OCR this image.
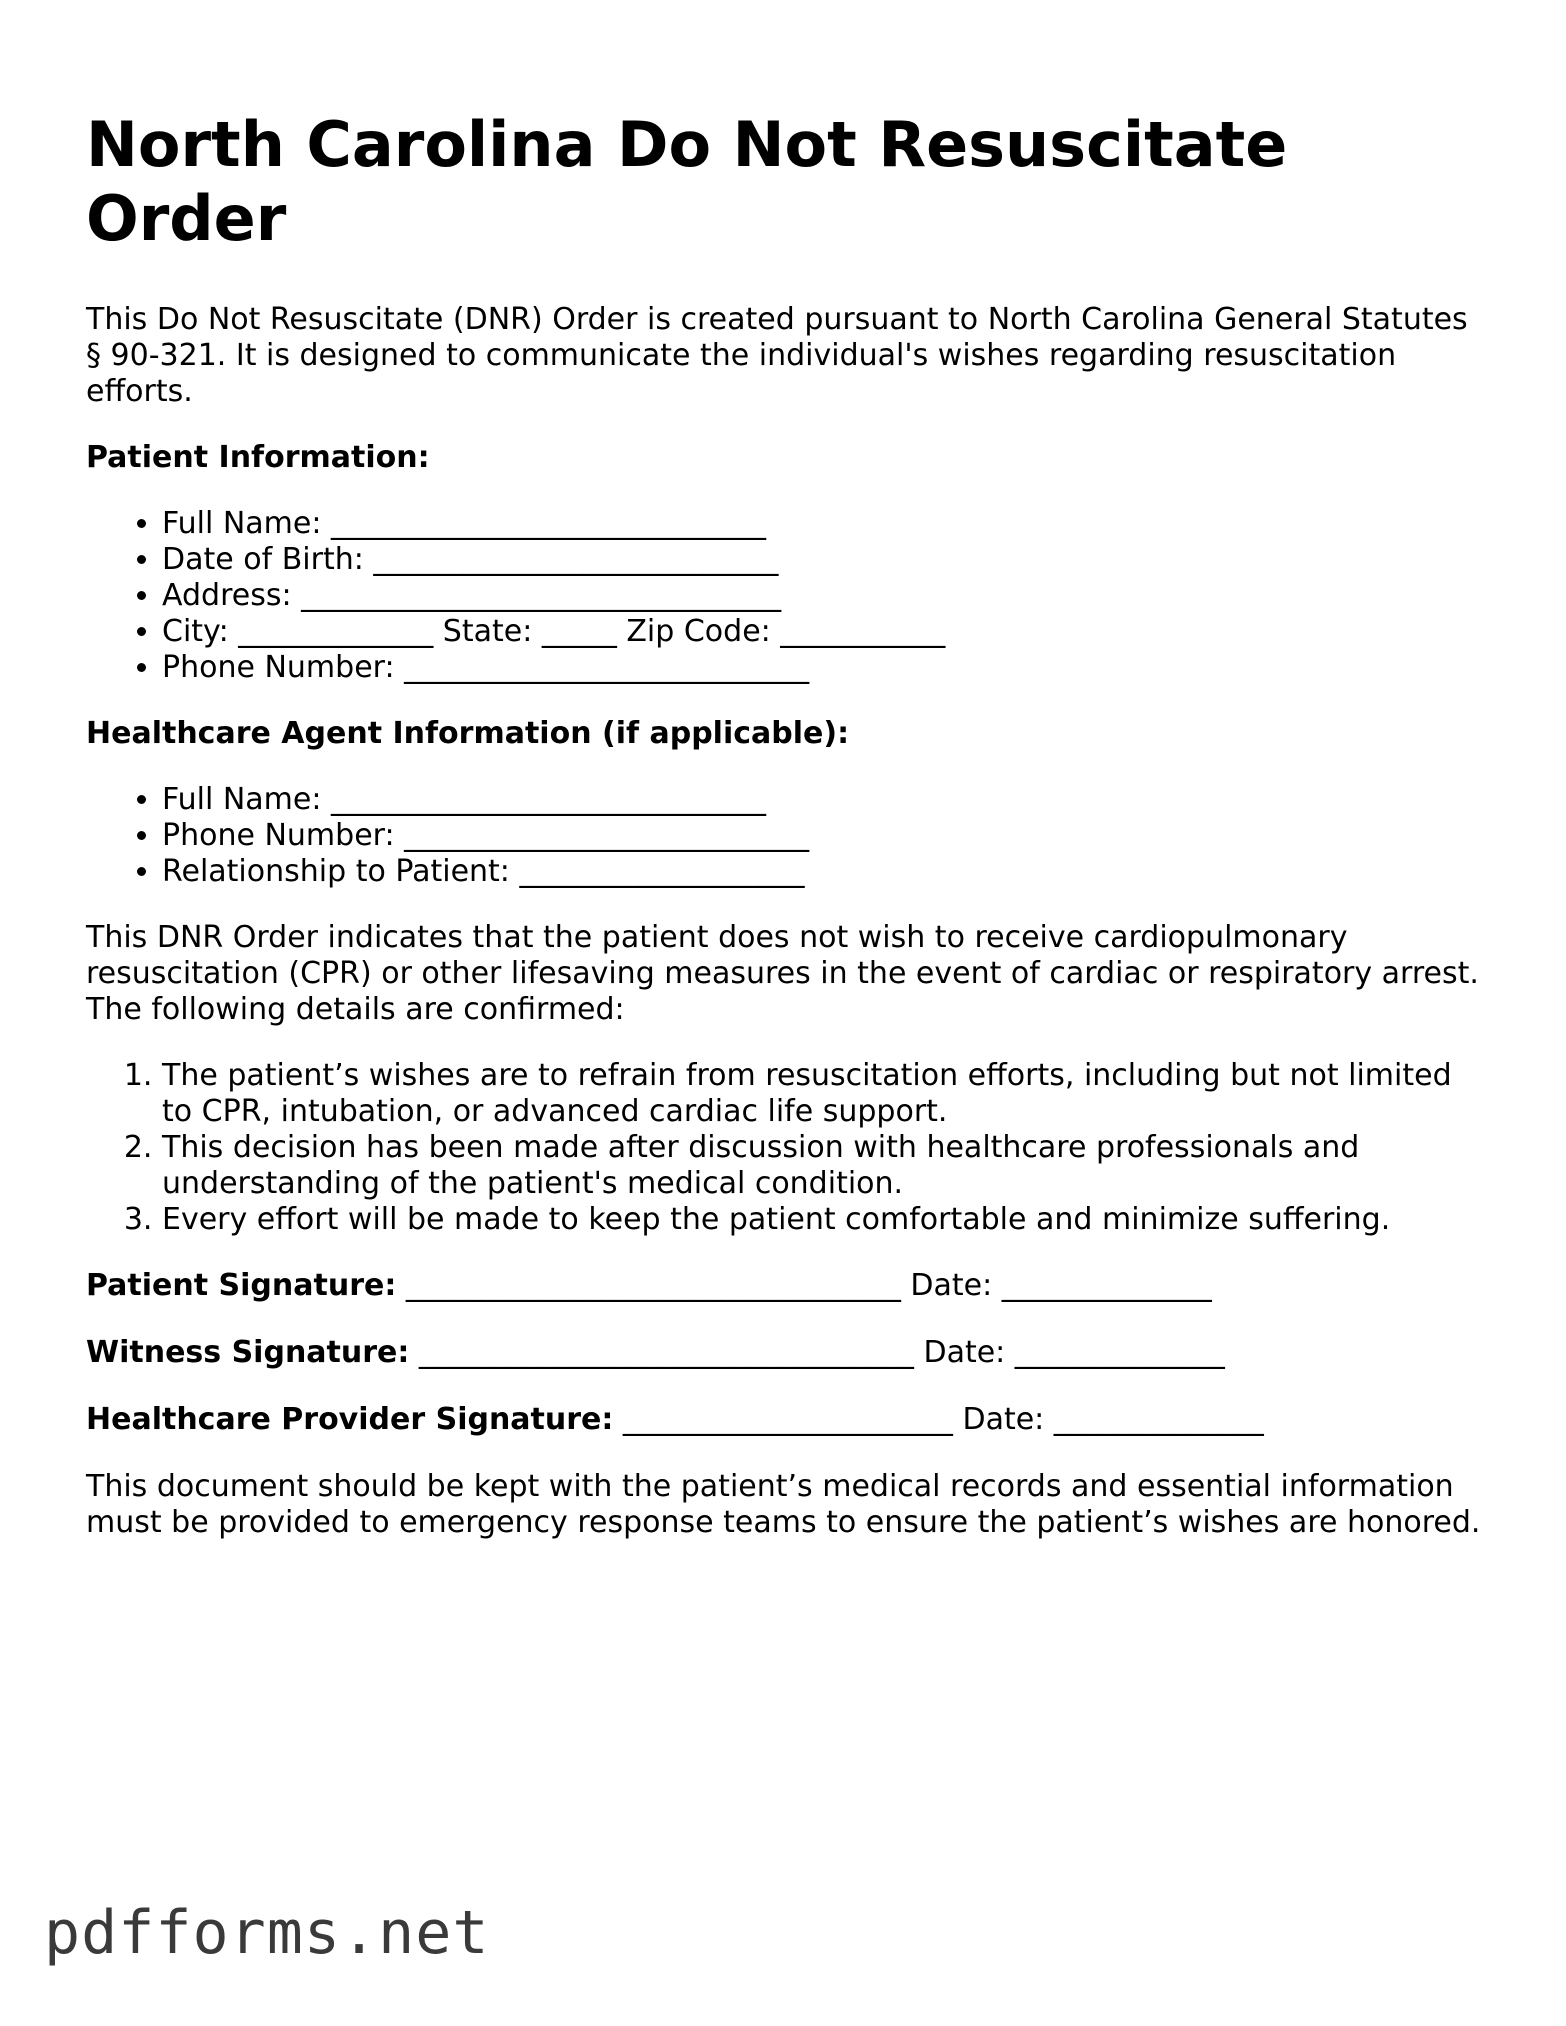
North Carolina Do Not Resuscitate Order

This Do Not Resuscitate (DNR) Order is created pursuant to North Carolina General Statutes § 90-321. It is designed to communicate the individual's wishes regarding resuscitation efforts.

Patient Information:
• Full Name: _____________________________
• Date of Birth: ___________________________
• Address: ________________________________
• City: _____________ State: _____ Zip Code: ___________
• Phone Number: ___________________________
Healthcare Agent Information (if applicable):
• Full Name: _____________________________
• Phone Number: ___________________________
• Relationship to Patient: ___________________

This DNR Order indicates that the patient does not wish to receive cardiopulmonary resuscitation (CPR) or other lifesaving measures in the event of cardiac or respiratory arrest. The following details are confirmed:

1. The patient’s wishes are to refrain from resuscitation efforts, including but not limited to CPR, intubation, or advanced cardiac life support.
2. This decision has been made after discussion with healthcare professionals and understanding of the patient's medical condition.
3. Every effort will be made to keep the patient comfortable and minimize suffering.
Patient Signature: _________________________________ Date: ______________
Witness Signature: _________________________________ Date: ______________
Healthcare Provider Signature: ______________________ Date: ______________

This document should be kept with the patient’s medical records and essential information must be provided to emergency response teams to ensure the patient’s wishes are honored.

pdfforms.net
